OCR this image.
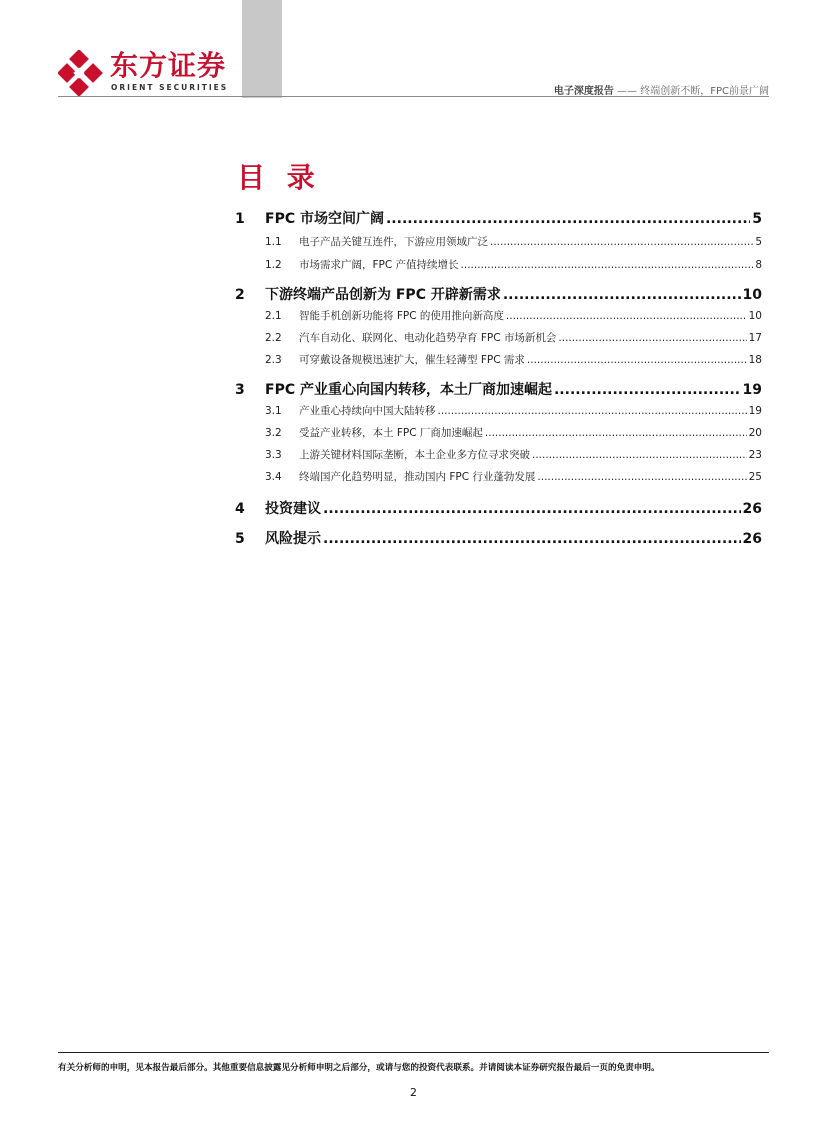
东方证券
ORIENT SECURITIES	电子深度报告 —— 终端创新不断，FPC前景广阔
目 录
1	FPC 市场空间广阔 .....	5
1.1	电子产品关键互连件，下游应用领域广泛 .....	5
1.2	市场需求广阔，FPC 产值持续增长 .....	8
2	下游终端产品创新为 FPC 开辟新需求 .....	10
2.1	智能手机创新功能将 FPC 的使用推向新高度 .....	10
2.2	汽车自动化、联网化、电动化趋势孕育 FPC 市场新机会 .....	17
2.3	可穿戴设备规模迅速扩大，催生轻薄型 FPC 需求 .....	18
3	FPC 产业重心向国内转移，本土厂商加速崛起 .....	19
3.1	产业重心持续向中国大陆转移 .....	19
3.2	受益产业转移，本土 FPC 厂商加速崛起 .....	20
3.3	上游关键材料国际垄断，本土企业多方位寻求突破 .....	23
3.4	终端国产化趋势明显，推动国内 FPC 行业蓬勃发展 .....	25
4	投资建议 .....	26
5	风险提示 .....	26
有关分析师的申明，见本报告最后部分。其他重要信息披露见分析师申明之后部分，或请与您的投资代表联系。并请阅读本证券研究报告最后一页的免责申明。
2
